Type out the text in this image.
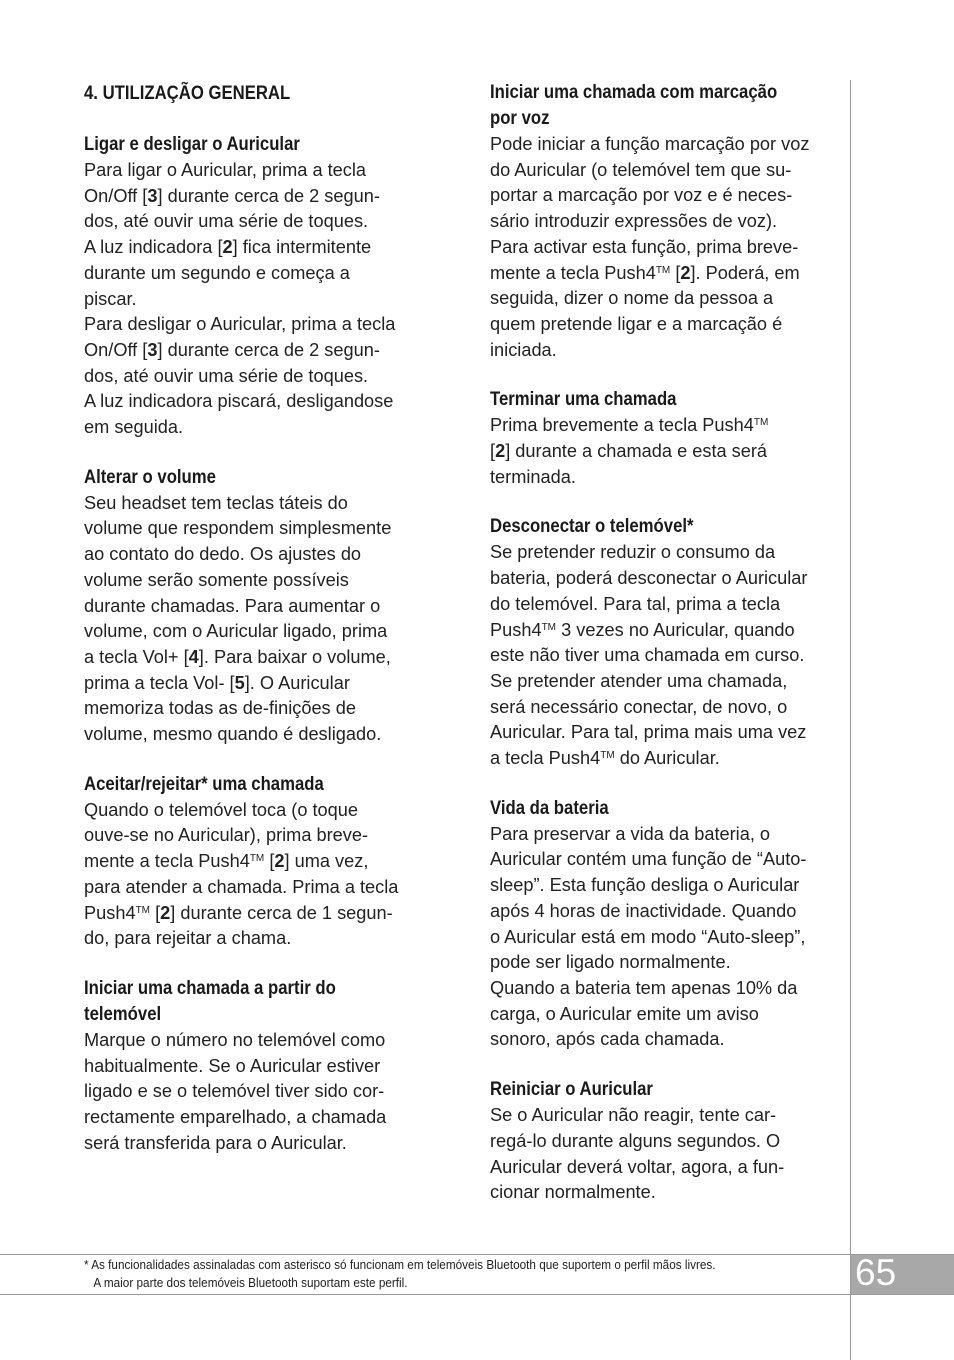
4. UTILIZAÇÃO GENERAL
Ligar e desligar o Auricular

Para ligar o Auricular, prima a tecla
On/Off [3] durante cerca de 2 segun-
dos, até ouvir uma série de toques.
A luz indicadora [2] fica intermitente
durante um segundo e começa a
piscar.
Para desligar o Auricular, prima a tecla
On/Off [3] durante cerca de 2 segun-
dos, até ouvir uma série de toques.
A luz indicadora piscará, desligandose
em seguida.

Alterar o volume

Seu headset tem teclas táteis do
volume que respondem simplesmente
ao contato do dedo. Os ajustes do
volume serão somente possíveis
durante chamadas. Para aumentar o
volume, com o Auricular ligado, prima
a tecla Vol+ [4]. Para baixar o volume,
prima a tecla Vol- [5]. O Auricular
memoriza todas as de-finições de
volume, mesmo quando é desligado.

Aceitar/rejeitar* uma chamada

Quando o telemóvel toca (o toque
ouve-se no Auricular), prima breve-
mente a tecla Push4™ [2] uma vez,
para atender a chamada. Prima a tecla
Push4™ [2] durante cerca de 1 segun-
do, para rejeitar a chama.

Iniciar uma chamada a partir do
telemóvel

Marque o número no telemóvel como
habitualmente. Se o Auricular estiver
ligado e se o telemóvel tiver sido cor-
rectamente emparelhado, a chamada
será transferida para o Auricular.

Iniciar uma chamada com marcação
por voz

Pode iniciar a função marcação por voz
do Auricular (o telemóvel tem que su-
portar a marcação por voz e é neces-
sário introduzir expressões de voz).
Para activar esta função, prima breve-
mente a tecla Push4™ [2]. Poderá, em
seguida, dizer o nome da pessoa a
quem pretende ligar e a marcação é
iniciada.

Terminar uma chamada

Prima brevemente a tecla Push4™
[2] durante a chamada e esta será
terminada.

Desconectar o telemóvel*

Se pretender reduzir o consumo da
bateria, poderá desconectar o Auricular
do telemóvel. Para tal, prima a tecla
Push4™ 3 vezes no Auricular, quando
este não tiver uma chamada em curso.
Se pretender atender uma chamada,
será necessário conectar, de novo, o
Auricular. Para tal, prima mais uma vez
a tecla Push4™ do Auricular.

Vida da bateria

Para preservar a vida da bateria, o
Auricular contém uma função de “Auto-
sleep”. Esta função desliga o Auricular
após 4 horas de inactividade. Quando
o Auricular está em modo “Auto-sleep”,
pode ser ligado normalmente.
Quando a bateria tem apenas 10% da
carga, o Auricular emite um aviso
sonoro, após cada chamada.

Reiniciar o Auricular

Se o Auricular não reagir, tente car-
regá-lo durante alguns segundos. O
Auricular deverá voltar, agora, a fun-
cionar normalmente.

* As funcionalidades assinaladas com asterisco só funcionam em telemóveis Bluetooth que suportem o perfil mãos livres.
A maior parte dos telemóveis Bluetooth suportam este perfil.	65
